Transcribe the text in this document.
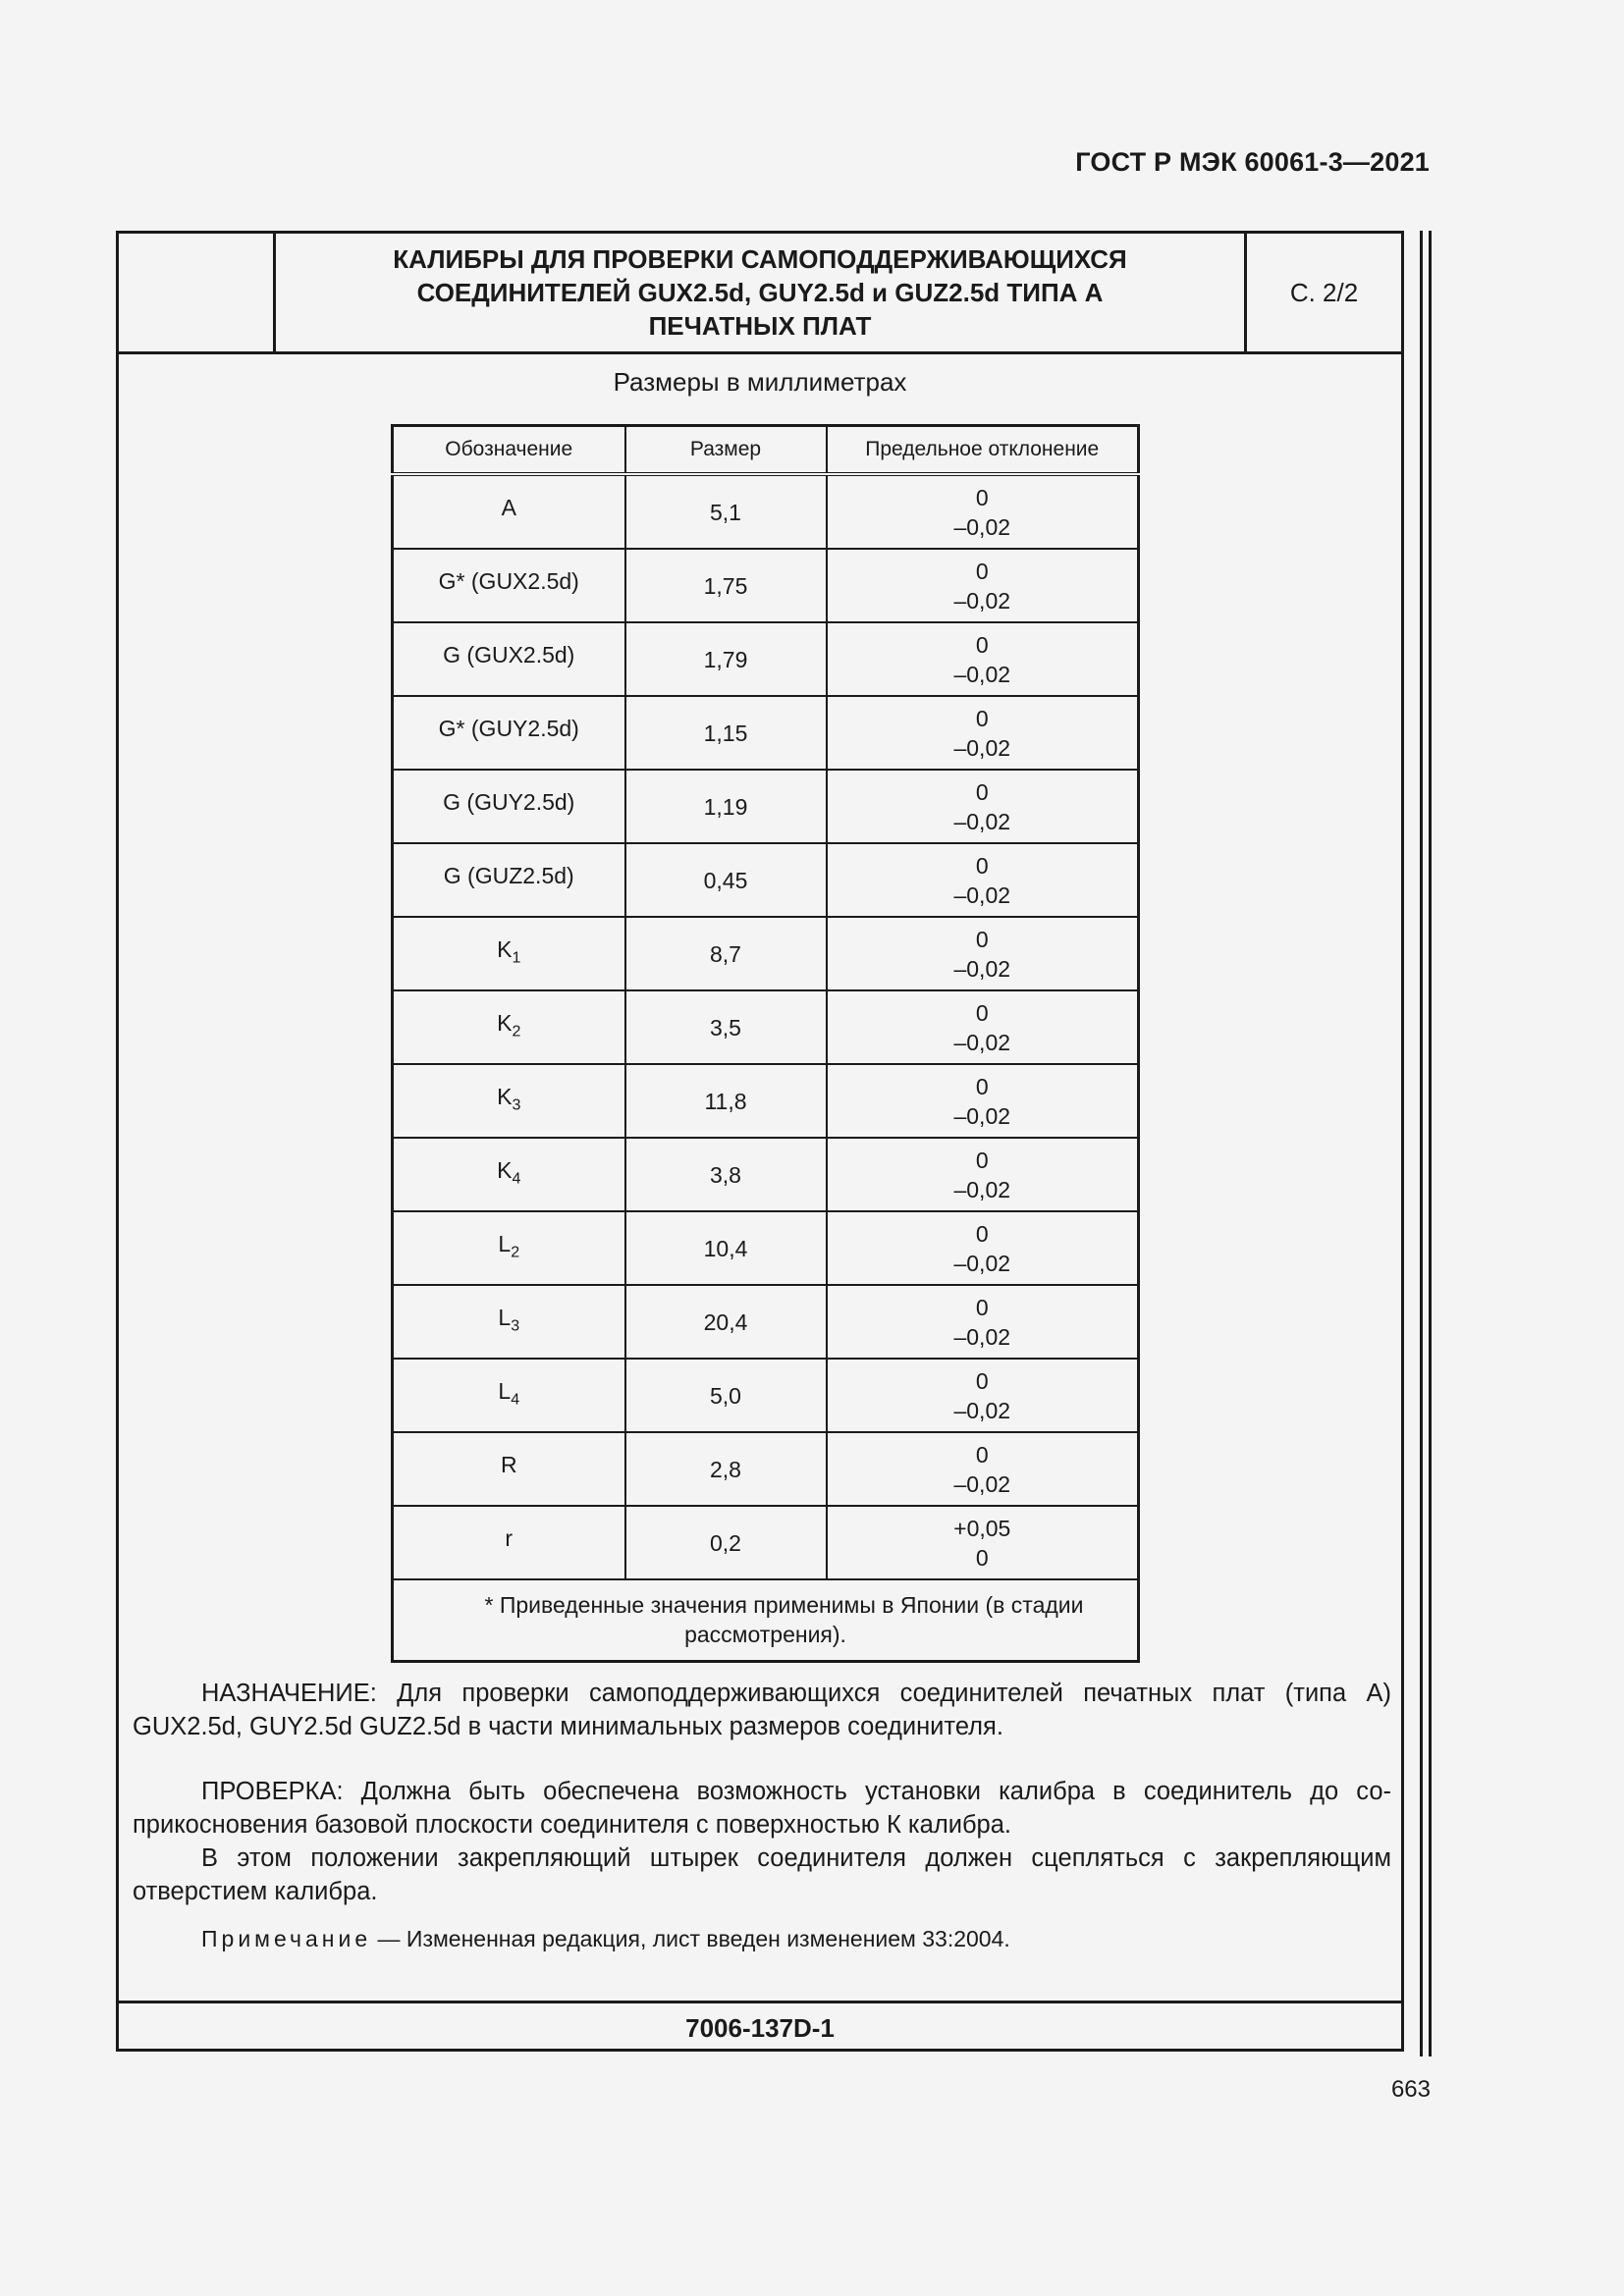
ГОСТ Р МЭК 60061-3—2021
КАЛИБРЫ ДЛЯ ПРОВЕРКИ САМОПОДДЕРЖИВАЮЩИХСЯ
СОЕДИНИТЕЛЕЙ GUX2.5d, GUY2.5d и GUZ2.5d ТИПА А
ПЕЧАТНЫХ ПЛАТ
С. 2/2
Размеры в миллиметрах
Обозначение	Размер	Предельное отклонение
A	5,1	0
–0,02

G* (GUX2.5d)	1,75	0
–0,02

G (GUX2.5d)	1,79	0
–0,02

G* (GUY2.5d)	1,15	0
–0,02

G (GUY2.5d)	1,19	0
–0,02

G (GUZ2.5d)	0,45	0
–0,02

$K_1$	8,7	0
–0,02

$K_2$	3,5	0
–0,02

$K_3$	11,8	0
–0,02

$K_4$	3,8	0
–0,02

$L_2$	10,4	0
–0,02

$L_3$	20,4	0
–0,02

$L_4$	5,0	0
–0,02

R	2,8	0
–0,02

r	0,2	+0,05
0

* Приведенные значения применимы в Японии (в стадии рассмотрения).		
НАЗНАЧЕНИЕ: Для проверки самоподдерживающихся соединителей печатных плат (типа А) GUX2.5d, GUY2.5d GUZ2.5d в части минимальных размеров соединителя.
ПРОВЕРКА: Должна быть обеспечена возможность установки калибра в соединитель до соприкосновения базовой плоскости соединителя с поверхностью К калибра.
В этом положении закрепляющий штырек соединителя должен сцепляться с закрепляющим отверстием калибра.
Примечание — Измененная редакция, лист введен изменением 33:2004.
7006-137D-1
663
